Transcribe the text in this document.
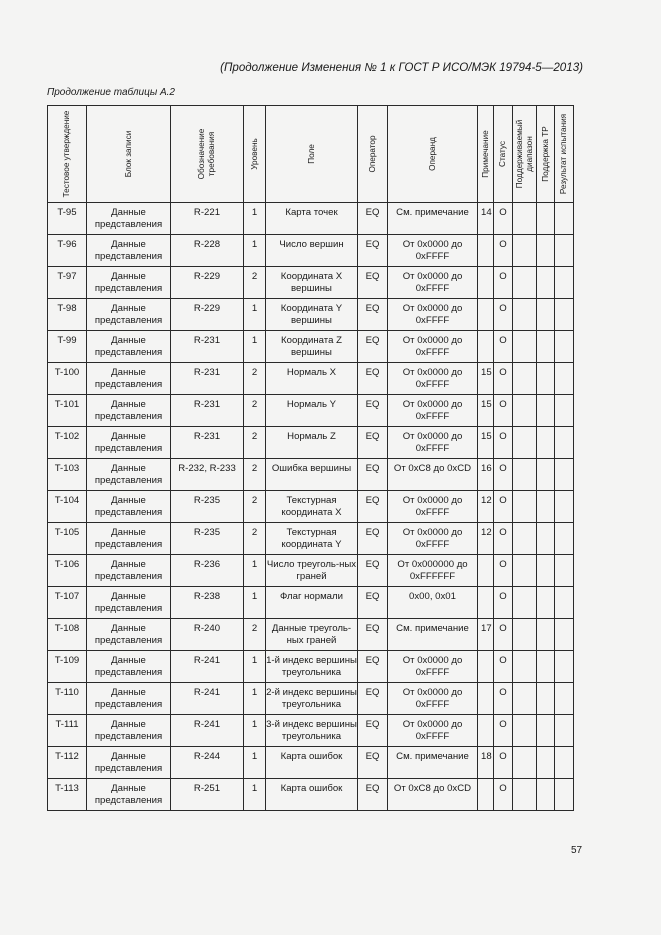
(Продолжение Изменения № 1 к ГОСТ Р ИСО/МЭК 19794-5—2013)
Продолжение таблицы А.2
Тестовое утверждение	Блок записи	Обозначение требования	Уровень	Поле	Оператор	Операнд	Примечание	Статус	Поддерживаемый диапазон	Поддержка ТР	Результат испытания

T-95	Данные представления	R-221	1	Карта точек	EQ	См. примечание	14	O			
T-96	Данные представления	R-228	1	Число вершин	EQ	От 0x0000 до 0xFFFF		O			
T-97	Данные представления	R-229	2	Координата X вершины	EQ	От 0x0000 до 0xFFFF		O			
T-98	Данные представления	R-229	1	Координата Y вершины	EQ	От 0x0000 до 0xFFFF		O			
T-99	Данные представления	R-231	1	Координата Z вершины	EQ	От 0x0000 до 0xFFFF		O			
T-100	Данные представления	R-231	2	Нормаль X	EQ	От 0x0000 до 0xFFFF	15	O			
T-101	Данные представления	R-231	2	Нормаль Y	EQ	От 0x0000 до 0xFFFF	15	O			
T-102	Данные представления	R-231	2	Нормаль Z	EQ	От 0x0000 до 0xFFFF	15	O			
T-103	Данные представления	R-232, R-233	2	Ошибка вершины	EQ	От 0xC8 до 0xCD	16	O			
T-104	Данные представления	R-235	2	Текстурная координата X	EQ	От 0x0000 до 0xFFFF	12	O			
T-105	Данные представления	R-235	2	Текстурная координата Y	EQ	От 0x0000 до 0xFFFF	12	O			
T-106	Данные представления	R-236	1	Число треуголь-ных граней	EQ	От 0x000000 до 0xFFFFFF		O			
T-107	Данные представления	R-238	1	Флаг нормали	EQ	0x00, 0x01		O			
T-108	Данные представления	R-240	2	Данные треуголь-ных граней	EQ	См. примечание	17	O			
T-109	Данные представления	R-241	1	1-й индекс вершины треугольника	EQ	От 0x0000 до 0xFFFF		O			
T-110	Данные представления	R-241	1	2-й индекс вершины треугольника	EQ	От 0x0000 до 0xFFFF		O			
T-111	Данные представления	R-241	1	3-й индекс вершины треугольника	EQ	От 0x0000 до 0xFFFF		O			
T-112	Данные представления	R-244	1	Карта ошибок	EQ	См. примечание	18	O			
T-113	Данные представления	R-251	1	Карта ошибок	EQ	От 0xC8 до 0xCD		O			
57
